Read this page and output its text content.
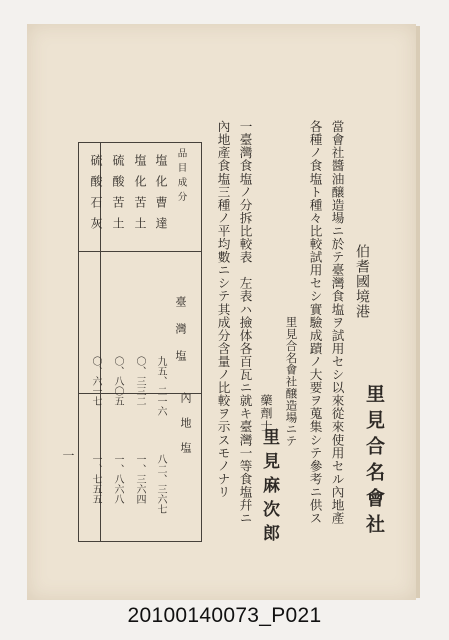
伯耆國境港
里見合名會社
當會社醬油醸造場ニ於テ臺灣食塩ヲ試用セシ以來從來使用セル內地產
各種ノ食塩ト種々比較試用セシ實驗成蹟ノ大要ヲ蒐集シテ參考ニ供ス
里見合名會社醸造場ニテ
藥劑士
里見麻次郎
一臺灣食塩ノ分拆比較表　左表ハ撿体各百瓦ニ就キ臺灣一等食塩幷ニ
內地產食塩三種ノ平均數ニシテ其成分含量ノ比較ヲ示スモノナリ
品目成分
臺灣塩
內地塩
塩化曹達
九五、二一六
八二、三六七
塩化苦土
〇、三三二
一、三六四
硫酸苦土
〇、八〇五
一、八六八
硫酸石灰
〇、六一七
一、七五五
一
20100140073_P021
